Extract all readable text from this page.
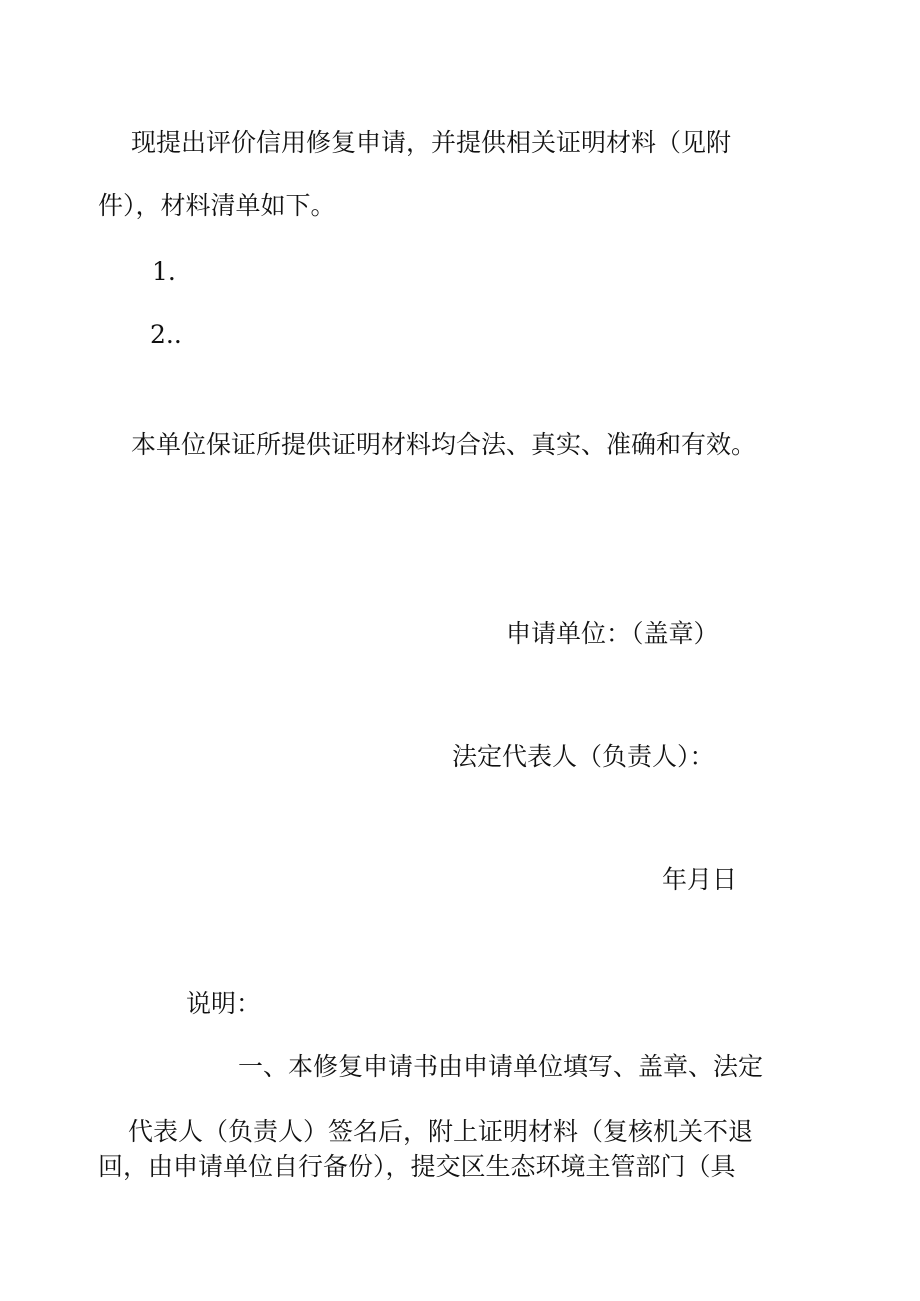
现提出评价信用修复申请，并提供相关证明材料（见附

件），材料清单如下。

1.

2..

本单位保证所提供证明材料均合法、真实、准确和有效。

申请单位：（盖章）

法定代表人（负责人）：

年月日

说明：

一、本修复申请书由申请单位填写、盖章、法定

代表人（负责人）签名后，附上证明材料（复核机关不退

回，由申请单位自行备份），提交区生态环境主管部门（具
